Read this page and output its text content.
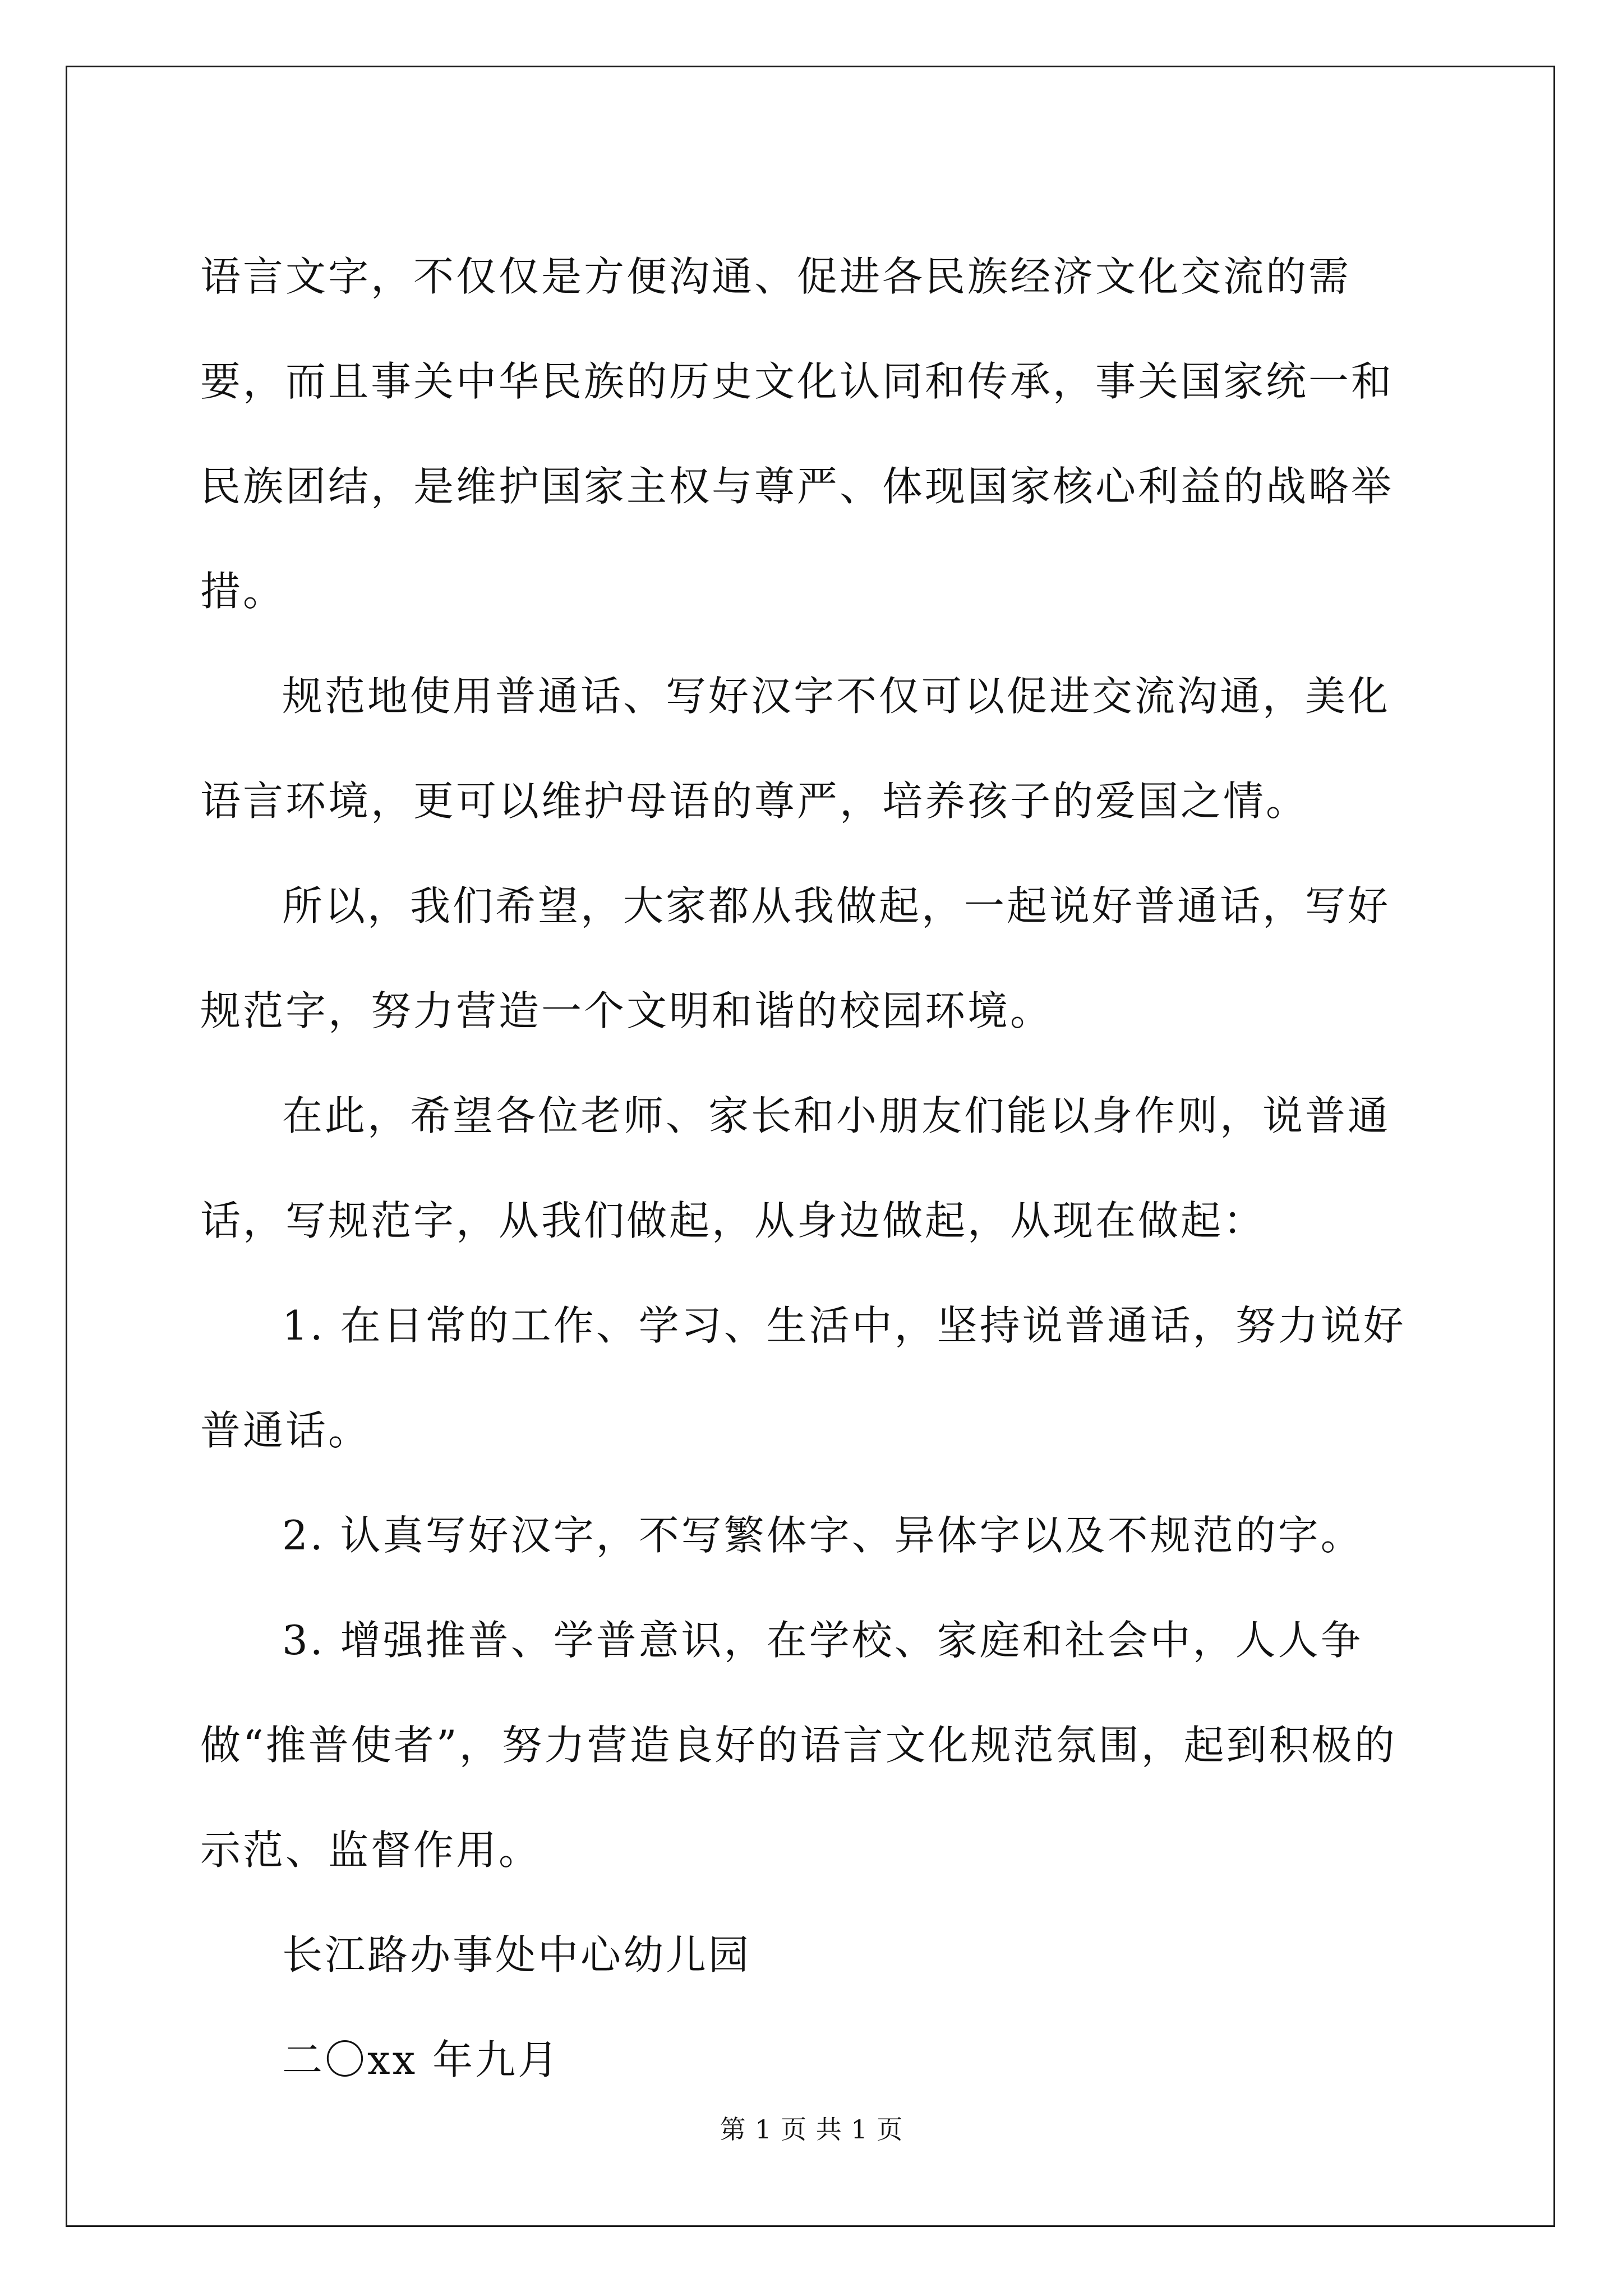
语言文字，不仅仅是方便沟通、促进各民族经济文化交流的需要，而且事关中华民族的历史文化认同和传承，事关国家统一和民族团结，是维护国家主权与尊严、体现国家核心利益的战略举措。

规范地使用普通话、写好汉字不仅可以促进交流沟通，美化语言环境，更可以维护母语的尊严，培养孩子的爱国之情。

所以，我们希望，大家都从我做起，一起说好普通话，写好规范字，努力营造一个文明和谐的校园环境。

在此，希望各位老师、家长和小朋友们能以身作则，说普通话，写规范字，从我们做起，从身边做起，从现在做起：

1. 在日常的工作、学习、生活中，坚持说普通话，努力说好普通话。

2. 认真写好汉字，不写繁体字、异体字以及不规范的字。

3. 增强推普、学普意识，在学校、家庭和社会中，人人争做“推普使者”，努力营造良好的语言文化规范氛围，起到积极的示范、监督作用。

长江路办事处中心幼儿园

二〇xx 年九月

第 1 页 共 1 页
